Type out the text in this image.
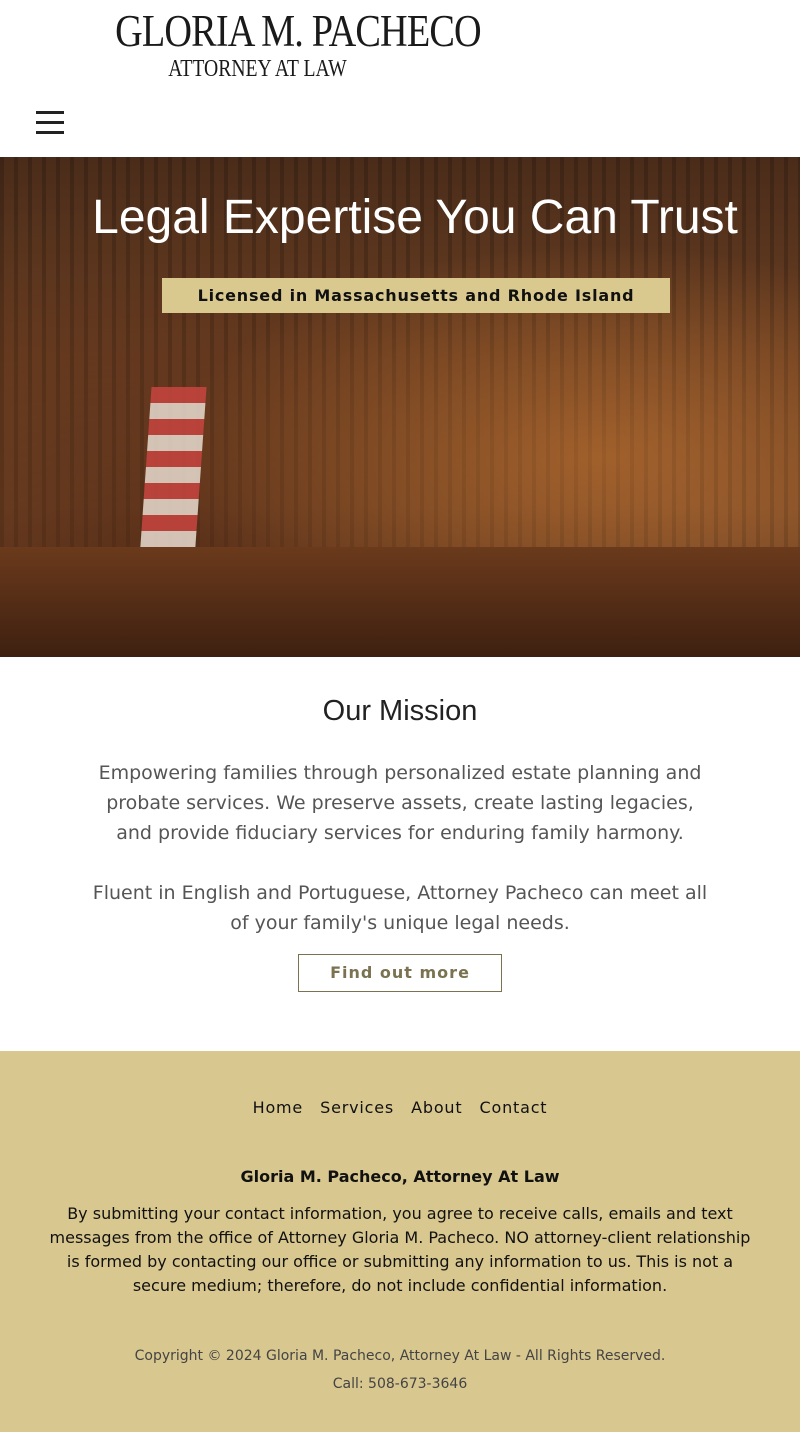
GLORIA M. PACHECO
ATTORNEY AT LAW
Legal Expertise You Can Trust
Licensed in Massachusetts and Rhode Island
Our Mission

Empowering families through personalized estate planning and probate services. We preserve assets, create lasting legacies, and provide fiduciary services for enduring family harmony.

Fluent in English and Portuguese, Attorney Pacheco can meet all of your family's unique legal needs.

Find out more
Home Services About Contact
Gloria M. Pacheco, Attorney At Law

By submitting your contact information, you agree to receive calls, emails and text messages from the office of Attorney Gloria M. Pacheco. NO attorney-client relationship is formed by contacting our office or submitting any information to us. This is not a secure medium; therefore, do not include confidential information.

Copyright © 2024 Gloria M. Pacheco, Attorney At Law - All Rights Reserved.

Call: 508-673-3646
